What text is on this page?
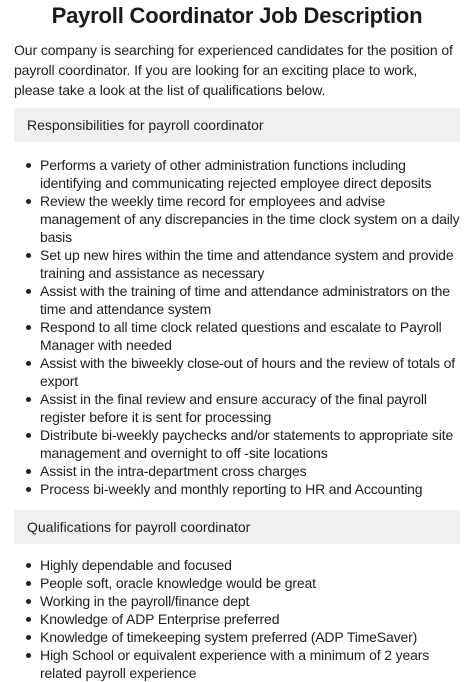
Payroll Coordinator Job Description

Our company is searching for experienced candidates for the position of payroll coordinator. If you are looking for an exciting place to work, please take a look at the list of qualifications below.

Responsibilities for payroll coordinator
Performs a variety of other administration functions including identifying and communicating rejected employee direct deposits
Review the weekly time record for employees and advise management of any discrepancies in the time clock system on a daily basis
Set up new hires within the time and attendance system and provide training and assistance as necessary
Assist with the training of time and attendance administrators on the time and attendance system
Respond to all time clock related questions and escalate to Payroll Manager with needed
Assist with the biweekly close-out of hours and the review of totals of export
Assist in the final review and ensure accuracy of the final payroll register before it is sent for processing
Distribute bi-weekly paychecks and/or statements to appropriate site management and overnight to off -site locations
Assist in the intra-department cross charges
Process bi-weekly and monthly reporting to HR and Accounting
Qualifications for payroll coordinator
Highly dependable and focused
People soft, oracle knowledge would be great
Working in the payroll/finance dept
Knowledge of ADP Enterprise preferred
Knowledge of timekeeping system preferred (ADP TimeSaver)
High School or equivalent experience with a minimum of 2 years related payroll experience
